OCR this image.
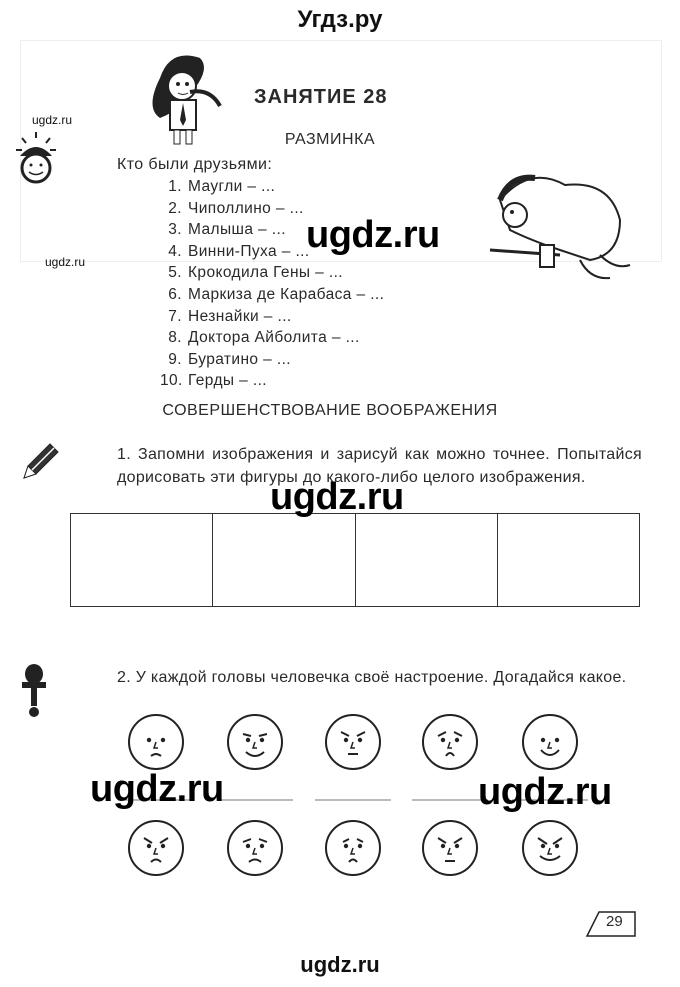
Угдз.ру
ЗАНЯТИЕ 28
ugdz.ru
РАЗМИНКА
Кто были друзьями:
1. Маугли – ...
2. Чиполлино – ...
3. Малыша – ...
4. Винни-Пуха – ...
5. Крокодила Гены – ...
6. Маркиза де Карабаса – ...
7. Незнайки – ...
8. Доктора Айболита – ...
9. Буратино – ...
10. Герды – ...
ugdz.ru
ugdz.ru
СОВЕРШЕНСТВОВАНИЕ ВООБРАЖЕНИЯ
1. Запомни изображения и зарисуй как можно точнее. Попытайся дорисовать эти фигуры до какого-либо целого изображения.

ugdz.ru
2. У каждой головы человечка своё настроение. Догадайся какое.
ugdz.ru	ugdz.ru
29
ugdz.ru
